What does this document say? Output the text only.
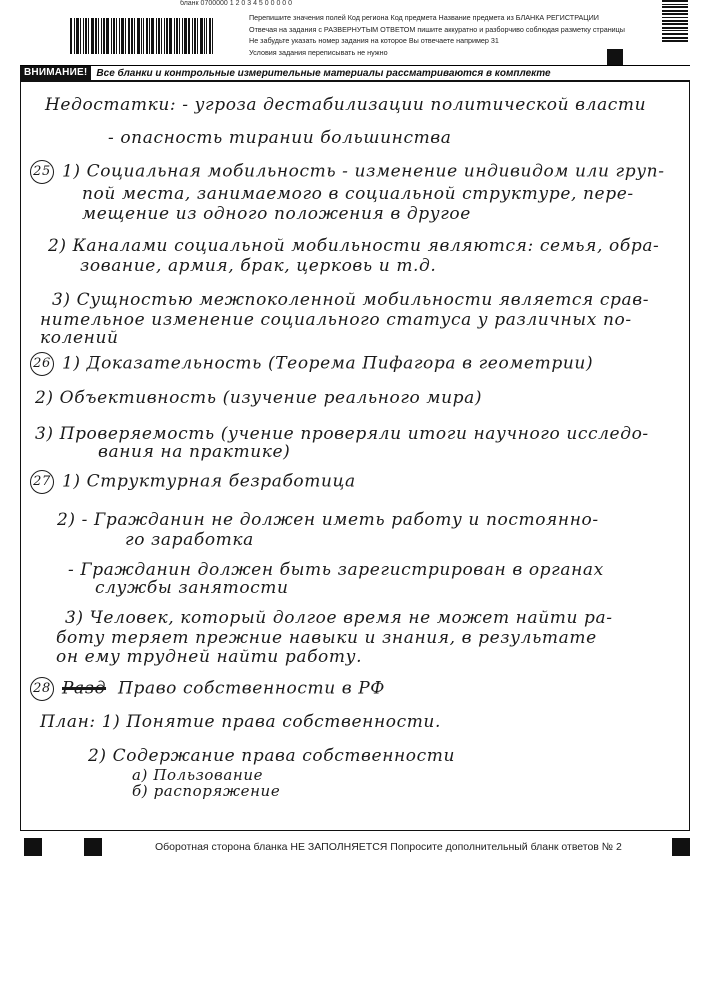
бланк 0700000 1 2 0 3 4 5 0 0 0 0 0
Перепишите значения полей Код региона Код предмета Название предмета из БЛАНКА РЕГИСТРАЦИИ
Отвечая на задания с РАЗВЕРНУТЫМ ОТВЕТОМ пишите аккуратно и разборчиво соблюдая разметку страницы
Не забудьте указать номер задания на которое Вы отвечаете например 31
Условия задания переписывать не нужно
ВНИМАНИЕ! Все бланки и контрольные измерительные материалы рассматриваются в комплекте
Недостатки: - угроза дестабилизации политической власти
- опасность тирании большинства
25 1) Социальная мобильность - изменение индивидом или груп-
пой места, занимаемого в социальной структуре, пере-
мещение из одного положения в другое
2) Каналами социальной мобильности являются: семья, обра-
зование, армия, брак, церковь и т.д.
3) Сущностью межпоколенной мобильности является срав-
нительное изменение социального статуса у различных по-
колений
26 1) Доказательность (Теорема Пифагора в геометрии)
2) Объективность (изучение реального мира)
3) Проверяемость (учение проверяли итоги научного исследо-
вания на практике)
27 1) Структурная безработица
2) - Гражданин не должен иметь работу и постоянно-
го заработка
- Гражданин должен быть зарегистрирован в органах
службы занятости
3) Человек, который долгое время не может найти ра-
боту теряет прежние навыки и знания, в результате
он ему трудней найти работу.
28 Разд Право собственности в РФ
План: 1) Понятие права собственности.
2) Содержание права собственности
а) Пользование
б) распоряжение
Оборотная сторона бланка НЕ ЗАПОЛНЯЕТСЯ Попросите дополнительный бланк ответов № 2
